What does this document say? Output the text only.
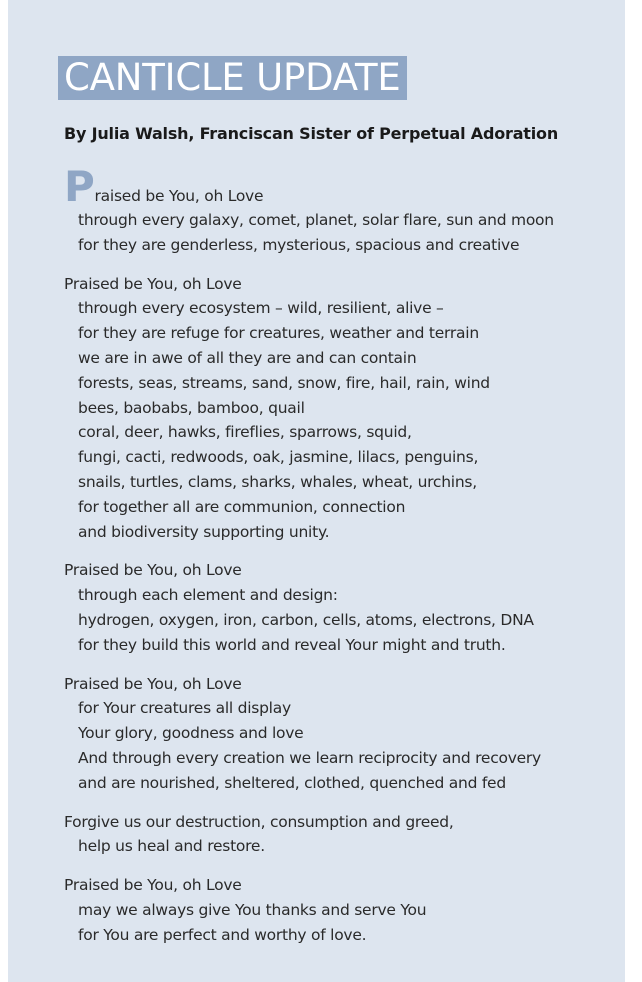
CANTICLE UPDATE
By Julia Walsh, Franciscan Sister of Perpetual Adoration
Praised be You, oh Love
through every galaxy, comet, planet, solar flare, sun and moon
for they are genderless, mysterious, spacious and creative
Praised be You, oh Love
through every ecosystem – wild, resilient, alive –
for they are refuge for creatures, weather and terrain
we are in awe of all they are and can contain
forests, seas, streams, sand, snow, fire, hail, rain, wind
bees, baobabs, bamboo, quail
coral, deer, hawks, fireflies, sparrows, squid,
fungi, cacti, redwoods, oak, jasmine, lilacs, penguins,
snails, turtles, clams, sharks, whales, wheat, urchins,
for together all are communion, connection
and biodiversity supporting unity.
Praised be You, oh Love
through each element and design:
hydrogen, oxygen, iron, carbon, cells, atoms, electrons, DNA
for they build this world and reveal Your might and truth.
Praised be You, oh Love
for Your creatures all display
Your glory, goodness and love
And through every creation we learn reciprocity and recovery
and are nourished, sheltered, clothed, quenched and fed
Forgive us our destruction, consumption and greed,
help us heal and restore.
Praised be You, oh Love
may we always give You thanks and serve You
for You are perfect and worthy of love.
